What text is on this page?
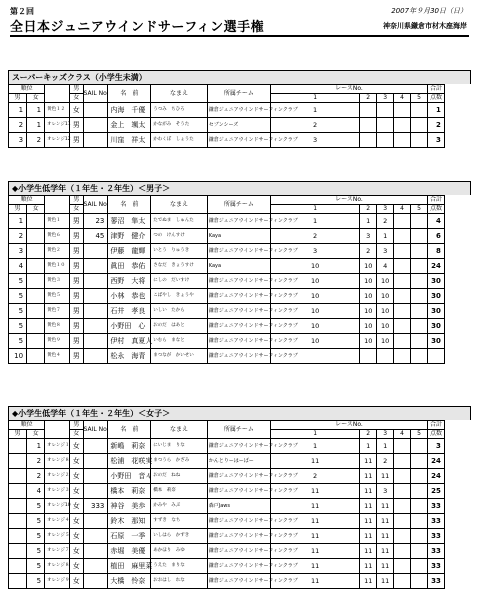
第２回
全日本ジュニアウインドサーフィン選手権
2007年９月30日（日）
神奈川県鎌倉市材木座海岸
スーパーキッズクラス（小学生未満）
順位			男	SAIL No.	名　前	なまえ	所属チーム	レースNo.					合計
男	女		女					1	2	3	4	5	点数
1	1	黄色１２	女		内海　千優	うつみ　ちひろ	鎌倉ジュニアウインドサーフィンクラブ	1					1
2	1	オレンジ11	男		金上　颯太	かながみ　そうた	セブンシーズ	2					2
3	2	オレンジ12	男		川窪　祥太	かわくぼ　しょうた	鎌倉ジュニアウインドサーフィンクラブ	3					3
◆小学生低学年（１年生・２年生）＜男子＞
順位			男	SAIL No.	名　前	なまえ	所属チーム	レースNo.					合計
男	女		女					1	2	3	4	5	点数
1		黄色１	男	23	蓼沼　隼太	たでぬま　しゅんた	鎌倉ジュニアウインドサーフィンクラブ	1	1	2			4
2		黄色６	男	45	津野　健介	つの　けんすけ	Kaya	2	3	1			6
3		黄色２	男		伊藤　龍輝	いとう　りゅうき	鎌倉ジュニアウインドサーフィンクラブ	3	2	3			8
4		黄色１０	男		眞田　恭佑	さなだ　きょうすけ	Kaya	10	10	4			24
5		黄色３	男		西野　大将	にしの　だいすけ	鎌倉ジュニアウインドサーフィンクラブ	10	10	10			30
5		黄色５	男		小林　恭也	こばやし　きょうや	鎌倉ジュニアウインドサーフィンクラブ	10	10	10			30
5		黄色７	男		石井　孝良	いしい　たから	鎌倉ジュニアウインドサーフィンクラブ	10	10	10			30
5		黄色８	男		小野田　心	おのだ　はあと	鎌倉ジュニアウインドサーフィンクラブ	10	10	10			30
5		黄色９	男		伊村　真夏人	いむら　まなと	鎌倉ジュニアウインドサーフィンクラブ	10	10	10			30
10		黄色４	男		松永　海青	まつなが　かいせい	鎌倉ジュニアウインドサーフィンクラブ						
◆小学生低学年（１年生・２年生）＜女子＞
順位			男	SAIL No.	名　前	なまえ	所属チーム	レースNo.					合計
男	女		女					1	2	3	4	5	点数
	1	オレンジ１	女		新嶋　莉奈	にいじま　りな	鎌倉ジュニアウインドサーフィンクラブ	1	1	1			3
	2	オレンジ８	女		松浦　花咲実	まつうら　かざみ	かんとりーはーばー	11	11	2			24
	2	オレンジ２	女		小野田　音々	おのだ　ねね	鎌倉ジュニアウインドサーフィンクラブ	2	11	11			24
	4	オレンジ３	女		橋本　莉奈	橋本　莉奈	鎌倉ジュニアウインドサーフィンクラブ	11	11	3			25
	5	オレンジ10	女	333	神谷　美歩	かみや　みぶ	森戸Jaws	11	11	11			33
	5	オレンジ４	女		鈴木　那知	すずき　なち	鎌倉ジュニアウインドサーフィンクラブ	11	11	11			33
	5	オレンジ５	女		石原　一季	いしはら　かずき	鎌倉ジュニアウインドサーフィンクラブ	11	11	11			33
	5	オレンジ７	女		赤堀　美優	あかほり　みゆ	鎌倉ジュニアウインドサーフィンクラブ	11	11	11			33
	5	オレンジ８	女		植田　麻里菜	うえた　まりな	鎌倉ジュニアウインドサーフィンクラブ	11	11	11			33
	5	オレンジ９	女		大橋　怜奈	おおはし　れな	鎌倉ジュニアウインドサーフィンクラブ	11	11	11			33
